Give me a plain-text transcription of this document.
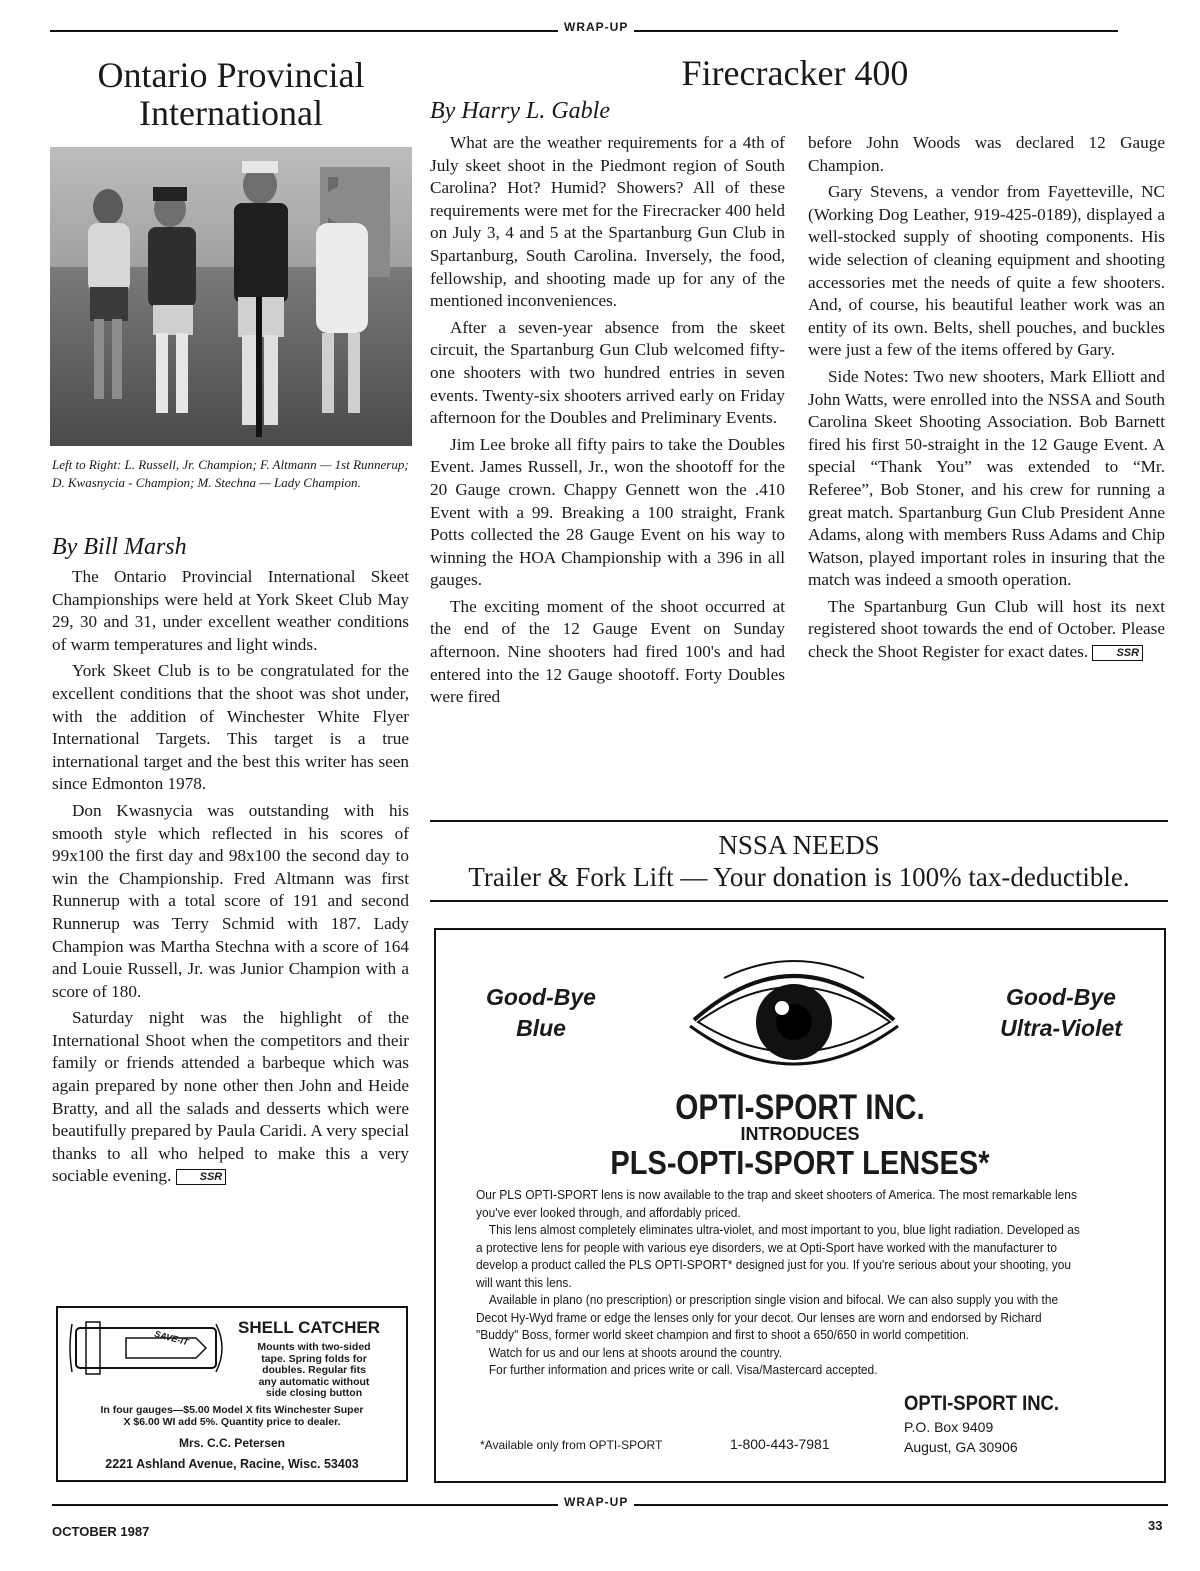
WRAP-UP
Ontario Provincial
International
Left to Right: L. Russell, Jr. Champion; F. Altmann — 1st Runnerup; D. Kwasnycia - Champion; M. Stechna — Lady Champion.
By Bill Marsh

The Ontario Provincial International Skeet Championships were held at York Skeet Club May 29, 30 and 31, under excellent weather conditions of warm temperatures and light winds.

York Skeet Club is to be congratulated for the excellent conditions that the shoot was shot under, with the addition of Winchester White Flyer International Targets. This target is a true international target and the best this writer has seen since Edmonton 1978.

Don Kwasnycia was outstanding with his smooth style which reflected in his scores of 99x100 the first day and 98x100 the second day to win the Championship. Fred Altmann was first Runnerup with a total score of 191 and second Runnerup was Terry Schmid with 187. Lady Champion was Martha Stechna with a score of 164 and Louie Russell, Jr. was Junior Champion with a score of 180.

Saturday night was the highlight of the International Shoot when the competitors and their family or friends attended a barbeque which was again prepared by none other then John and Heide Bratty, and all the salads and desserts which were beautifully prepared by Paula Caridi. A very special thanks to all who helped to make this a very sociable evening.	SSR

SAVE-IT
SHELL CATCHER
Mounts with two-sided
tape. Spring folds for
doubles. Regular fits
any automatic without
side closing button
In four gauges—$5.00 Model X fits Winchester Super
X $6.00 WI add 5%. Quantity price to dealer.
Mrs. C.C. Petersen
2221 Ashland Avenue, Racine, Wisc. 53403
Firecracker 400
By Harry L. Gable

What are the weather requirements for a 4th of July skeet shoot in the Piedmont region of South Carolina? Hot? Humid? Showers? All of these requirements were met for the Firecracker 400 held on July 3, 4 and 5 at the Spartanburg Gun Club in Spartanburg, South Carolina. Inversely, the food, fellowship, and shooting made up for any of the mentioned inconveniences.

After a seven-year absence from the skeet circuit, the Spartanburg Gun Club welcomed fifty-one shooters with two hundred entries in seven events. Twenty-six shooters arrived early on Friday afternoon for the Doubles and Preliminary Events.

Jim Lee broke all fifty pairs to take the Doubles Event. James Russell, Jr., won the shootoff for the 20 Gauge crown. Chappy Gennett won the .410 Event with a 99. Breaking a 100 straight, Frank Potts collected the 28 Gauge Event on his way to winning the HOA Championship with a 396 in all gauges.

The exciting moment of the shoot occurred at the end of the 12 Gauge Event on Sunday afternoon. Nine shooters had fired 100's and had entered into the 12 Gauge shootoff. Forty Doubles were fired

before John Woods was declared 12 Gauge Champion.

Gary Stevens, a vendor from Fayetteville, NC (Working Dog Leather, 919-425-0189), displayed a well-stocked supply of shooting components. His wide selection of cleaning equipment and shooting accessories met the needs of quite a few shooters. And, of course, his beautiful leather work was an entity of its own. Belts, shell pouches, and buckles were just a few of the items offered by Gary.

Side Notes: Two new shooters, Mark Elliott and John Watts, were enrolled into the NSSA and South Carolina Skeet Shooting Association. Bob Barnett fired his first 50-straight in the 12 Gauge Event. A special “Thank You” was extended to “Mr. Referee”, Bob Stoner, and his crew for running a great match. Spartanburg Gun Club President Anne Adams, along with members Russ Adams and Chip Watson, played important roles in insuring that the match was indeed a smooth operation.

The Spartanburg Gun Club will host its next registered shoot towards the end of October. Please check the Shoot Register for exact dates.	SSR

NSSA NEEDS
Trailer & Fork Lift — Your donation is 100% tax-deductible.
Good-Bye
Blue
Good-Bye
Ultra-Violet
OPTI-SPORT INC.
INTRODUCES
PLS-OPTI-SPORT LENSES*
Our PLS OPTI-SPORT lens is now available to the trap and skeet shooters of America. The most remarkable lens you've ever looked through, and affordably priced.
This lens almost completely eliminates ultra-violet, and most important to you, blue light radiation. Developed as a protective lens for people with various eye disorders, we at Opti-Sport have worked with the manufacturer to develop a product called the PLS OPTI-SPORT* designed just for you. If you're serious about your shooting, you will want this lens.
Available in plano (no prescription) or prescription single vision and bifocal. We can also supply you with the Decot Hy-Wyd frame or edge the lenses only for your decot. Our lenses are worn and endorsed by Richard "Buddy" Boss, former world skeet champion and first to shoot a 650/650 in world competition.
Watch for us and our lens at shoots around the country.
For further information and prices write or call. Visa/Mastercard accepted.
OPTI-SPORT INC.
P.O. Box 9409
August, GA 30906
*Available only from OPTI-SPORT	1-800-443-7981
WRAP-UP
OCTOBER 1987	33
